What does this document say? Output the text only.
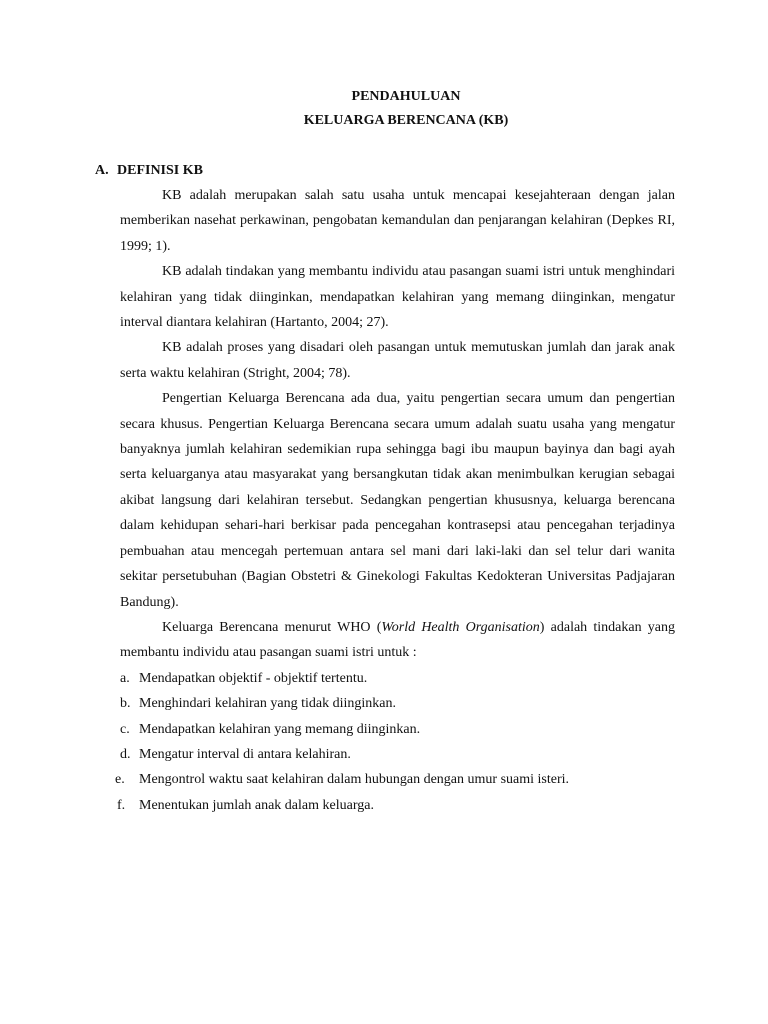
PENDAHULUAN
KELUARGA BERENCANA (KB)
A. DEFINISI KB

KB adalah merupakan salah satu usaha untuk mencapai kesejahteraan dengan jalan memberikan nasehat perkawinan, pengobatan kemandulan dan penjarangan kelahiran (Depkes RI, 1999; 1).

KB adalah tindakan yang membantu individu atau pasangan suami istri untuk menghindari kelahiran yang tidak diinginkan, mendapatkan kelahiran yang memang diinginkan, mengatur interval diantara kelahiran (Hartanto, 2004; 27).

KB adalah proses yang disadari oleh pasangan untuk memutuskan jumlah dan jarak anak serta waktu kelahiran (Stright, 2004; 78).

Pengertian Keluarga Berencana ada dua, yaitu pengertian secara umum dan pengertian secara khusus. Pengertian Keluarga Berencana secara umum adalah suatu usaha yang mengatur banyaknya jumlah kelahiran sedemikian rupa sehingga bagi ibu maupun bayinya dan bagi ayah serta keluarganya atau masyarakat yang bersangkutan tidak akan menimbulkan kerugian sebagai akibat langsung dari kelahiran tersebut. Sedangkan pengertian khususnya, keluarga berencana dalam kehidupan sehari-hari berkisar pada pencegahan kontrasepsi atau pencegahan terjadinya pembuahan atau mencegah pertemuan antara sel mani dari laki-laki dan sel telur dari wanita sekitar persetubuhan (Bagian Obstetri & Ginekologi Fakultas Kedokteran Universitas Padjajaran Bandung).

Keluarga Berencana menurut WHO (World Health Organisation) adalah tindakan yang membantu individu atau pasangan suami istri untuk :

a. Mendapatkan objektif - objektif tertentu.
b. Menghindari kelahiran yang tidak diinginkan.
c. Mendapatkan kelahiran yang memang diinginkan.
d. Mengatur interval di antara kelahiran.
e. Mengontrol waktu saat kelahiran dalam hubungan dengan umur suami isteri.
f. Menentukan jumlah anak dalam keluarga.
